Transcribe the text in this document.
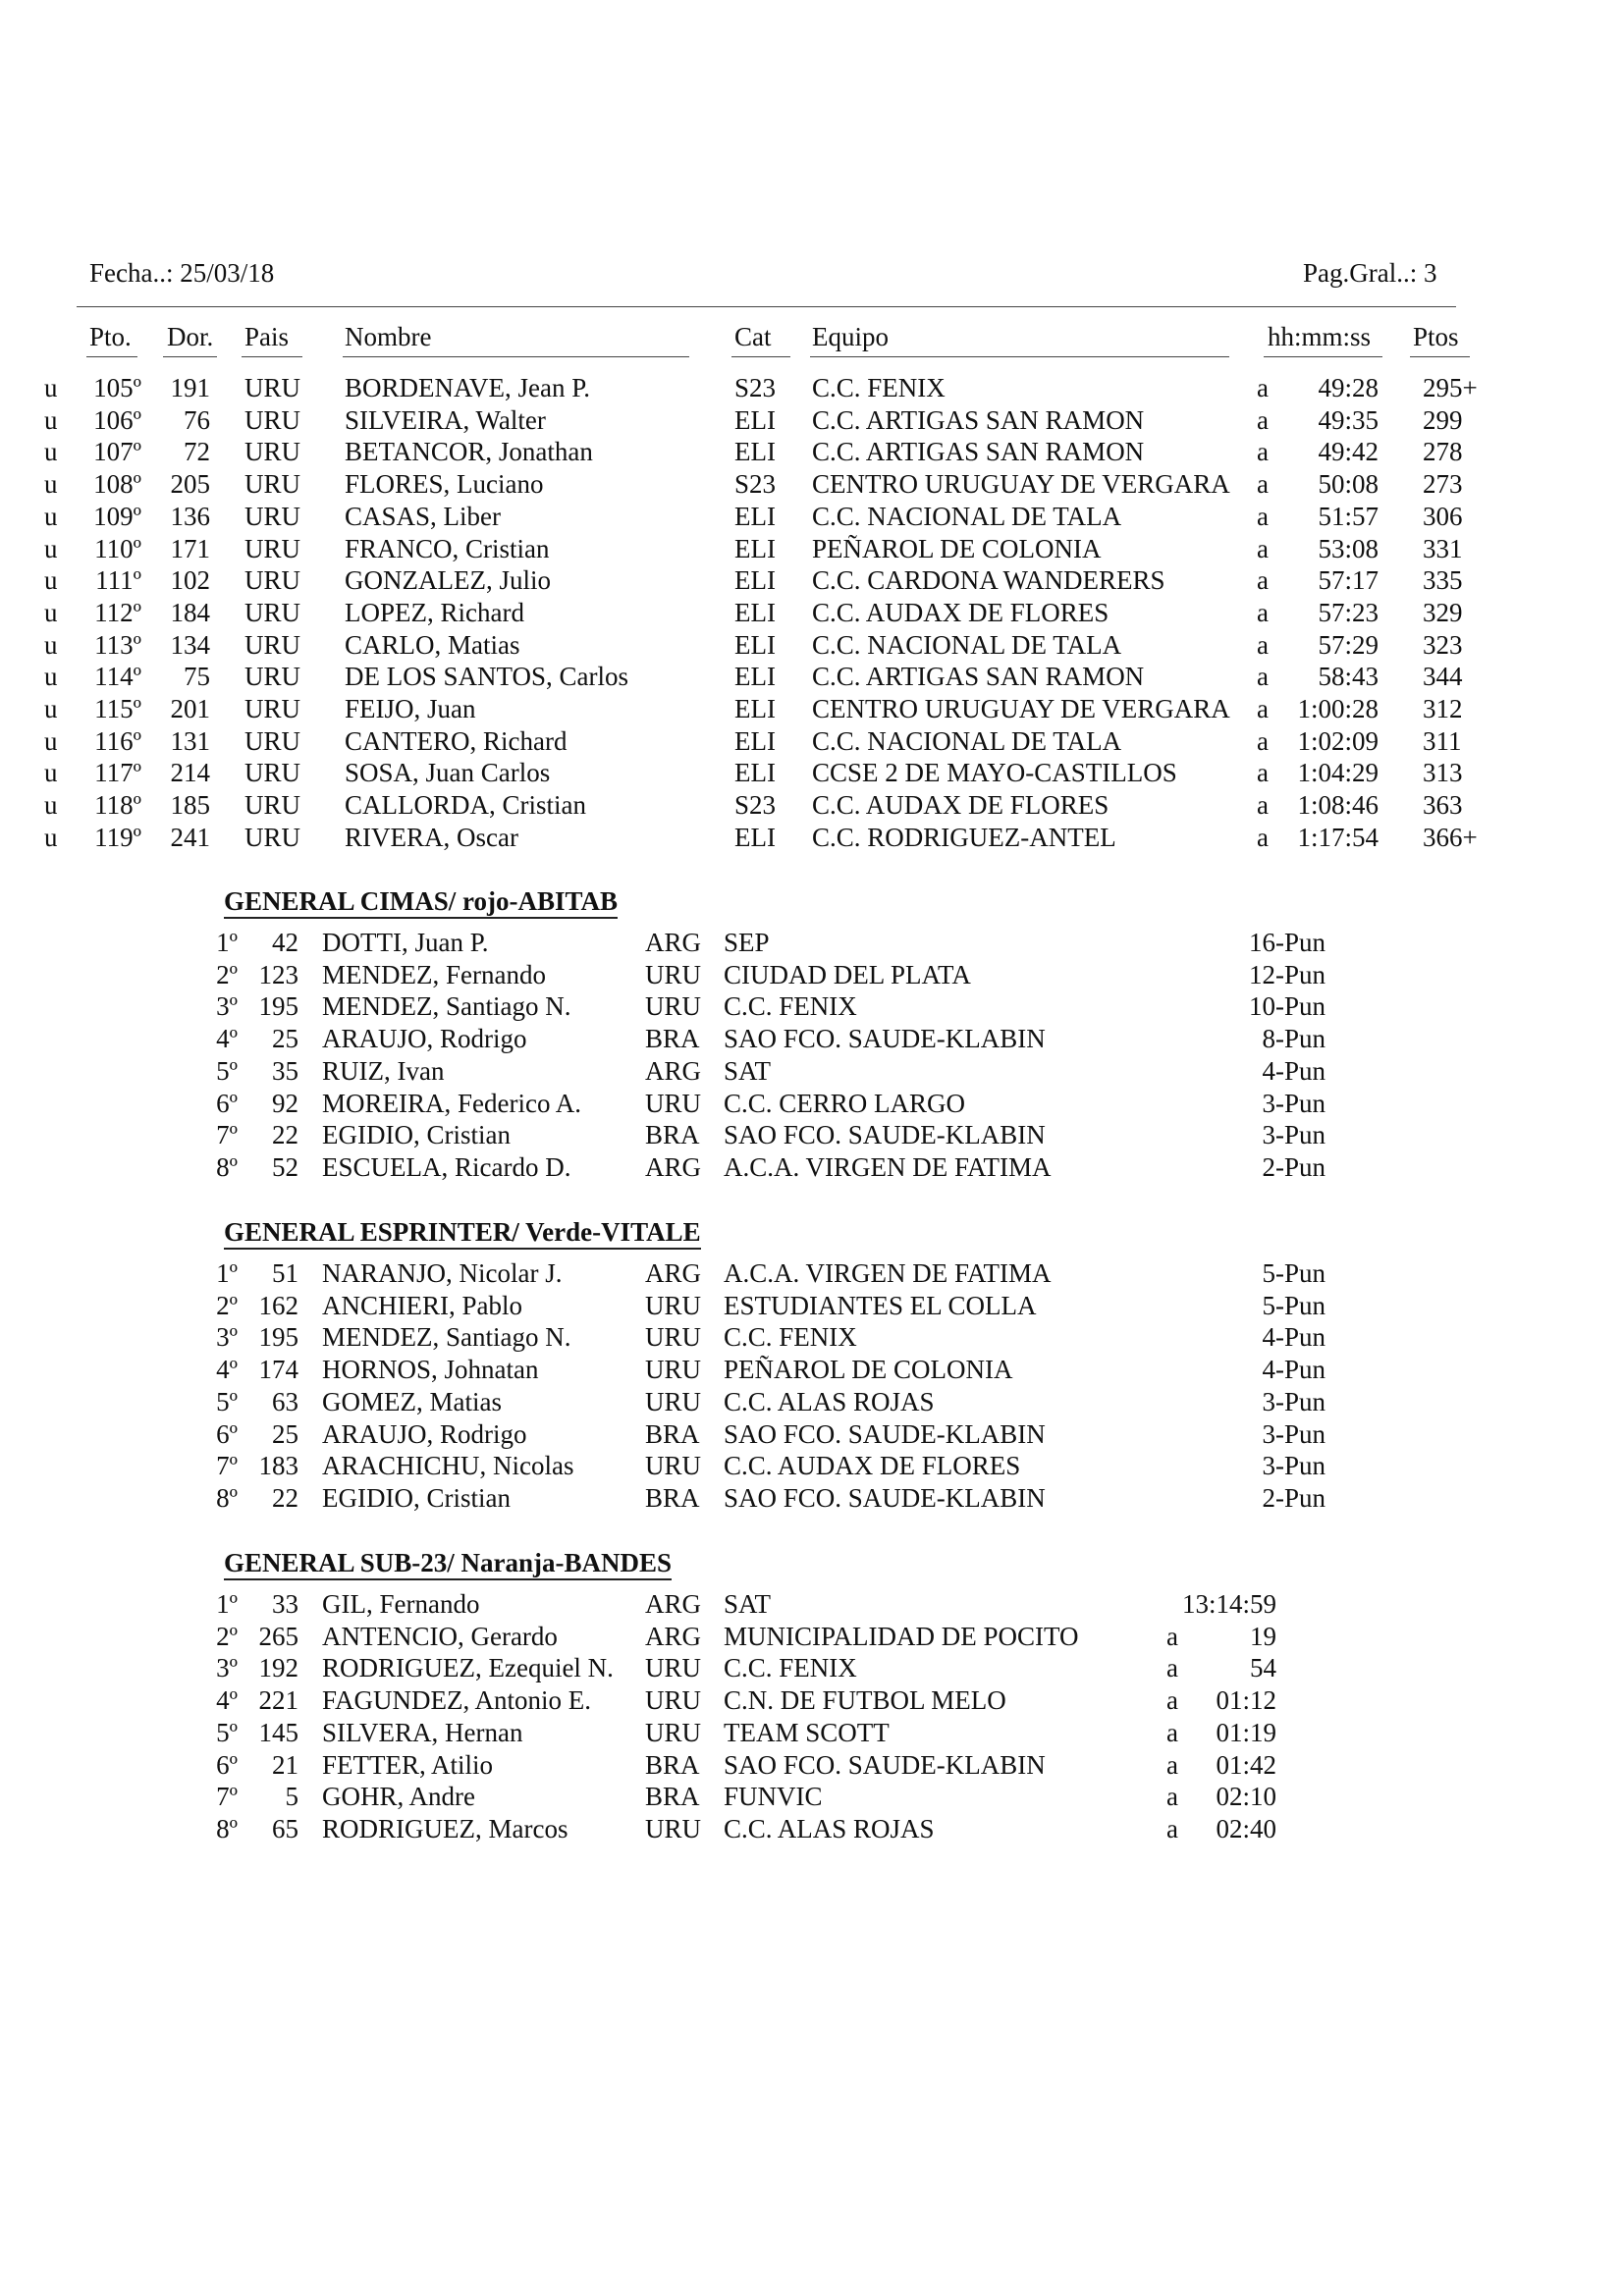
Fecha..: 25/03/18	Pag.Gral..: 3
Pto. Dor. Pais Nombre	Cat Equipo	hh:mm:ss Ptos
u	105º	191 URU BORDENAVE, Jean P.	S23 C.C. FENIX	a	49:28 295+
u	106º	76 URU SILVEIRA, Walter	ELI C.C. ARTIGAS SAN RAMON	a	49:35 299
u	107º	72 URU BETANCOR, Jonathan	ELI C.C. ARTIGAS SAN RAMON	a	49:42 278
u	108º	205 URU FLORES, Luciano	S23 CENTRO URUGUAY DE VERGARA a	50:08 273
u	109º	136 URU CASAS, Liber	ELI C.C. NACIONAL DE TALA	a	51:57 306
u	110º	171 URU FRANCO, Cristian	ELI PEÑAROL DE COLONIA	a	53:08 331
u	111º	102 URU GONZALEZ, Julio	ELI C.C. CARDONA WANDERERS	a	57:17 335
u	112º	184 URU LOPEZ, Richard	ELI C.C. AUDAX DE FLORES	a	57:23 329
u	113º	134 URU CARLO, Matias	ELI C.C. NACIONAL DE TALA	a	57:29 323
u	114º	75 URU DE LOS SANTOS, Carlos	ELI C.C. ARTIGAS SAN RAMON	a	58:43 344
u	115º	201 URU FEIJO, Juan	ELI CENTRO URUGUAY DE VERGARA a	1:00:28 312
u	116º	131 URU CANTERO, Richard	ELI C.C. NACIONAL DE TALA	a	1:02:09 311
u	117º	214 URU SOSA, Juan Carlos	ELI CCSE 2 DE MAYO-CASTILLOS	a	1:04:29 313
u	118º	185 URU CALLORDA, Cristian	S23 C.C. AUDAX DE FLORES	a	1:08:46 363
u	119º	241 URU RIVERA, Oscar	ELI C.C. RODRIGUEZ-ANTEL	a	1:17:54 366+
GENERAL CIMAS/ rojo-ABITAB
1º	42 DOTTI, Juan P.	ARG SEP	16-Pun
2º 123 MENDEZ, Fernando	URU CIUDAD DEL PLATA	12-Pun
3º 195 MENDEZ, Santiago N.	URU C.C. FENIX	10-Pun
4º	25 ARAUJO, Rodrigo	BRA SAO FCO. SAUDE-KLABIN	8-Pun
5º	35 RUIZ, Ivan	ARG SAT	4-Pun
6º	92 MOREIRA, Federico A. URU C.C. CERRO LARGO	3-Pun
7º	22 EGIDIO, Cristian	BRA SAO FCO. SAUDE-KLABIN	3-Pun
8º	52 ESCUELA, Ricardo D.	ARG A.C.A. VIRGEN DE FATIMA	2-Pun
GENERAL ESPRINTER/ Verde-VITALE
1º	51 NARANJO, Nicolar J.	ARG A.C.A. VIRGEN DE FATIMA	5-Pun
2º 162 ANCHIERI, Pablo	URU ESTUDIANTES EL COLLA	5-Pun
3º 195 MENDEZ, Santiago N.	URU C.C. FENIX	4-Pun
4º 174 HORNOS, Johnatan	URU PEÑAROL DE COLONIA	4-Pun
5º	63 GOMEZ, Matias	URU C.C. ALAS ROJAS	3-Pun
6º	25 ARAUJO, Rodrigo	BRA SAO FCO. SAUDE-KLABIN	3-Pun
7º 183 ARACHICHU, Nicolas	URU C.C. AUDAX DE FLORES	3-Pun
8º	22 EGIDIO, Cristian	BRA SAO FCO. SAUDE-KLABIN	2-Pun
GENERAL SUB-23/ Naranja-BANDES
1º	33 GIL, Fernando	ARG SAT	13:14:59
2º 265 ANTENCIO, Gerardo	ARG MUNICIPALIDAD DE POCITO	a	19
3º 192 RODRIGUEZ, Ezequiel N. URU C.C. FENIX	a	54
4º 221 FAGUNDEZ, Antonio E. URU C.N. DE FUTBOL MELO	a	01:12
5º 145 SILVERA, Hernan	URU TEAM SCOTT	a	01:19
6º	21 FETTER, Atilio	BRA SAO FCO. SAUDE-KLABIN	a	01:42
7º	5 GOHR, Andre	BRA FUNVIC	a	02:10
8º	65 RODRIGUEZ, Marcos	URU C.C. ALAS ROJAS	a	02:40
